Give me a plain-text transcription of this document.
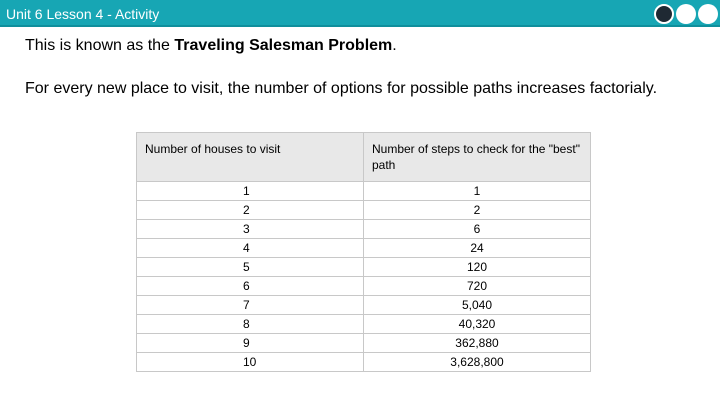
Unit 6 Lesson 4 - Activity
This is known as the Traveling Salesman Problem.
For every new place to visit, the number of options for possible paths increases factorialy.
Number of houses to visit	Number of steps to check for the "best" path
1	1
2	2
3	6
4	24
5	120
6	720
7	5,040
8	40,320
9	362,880
10	3,628,800
